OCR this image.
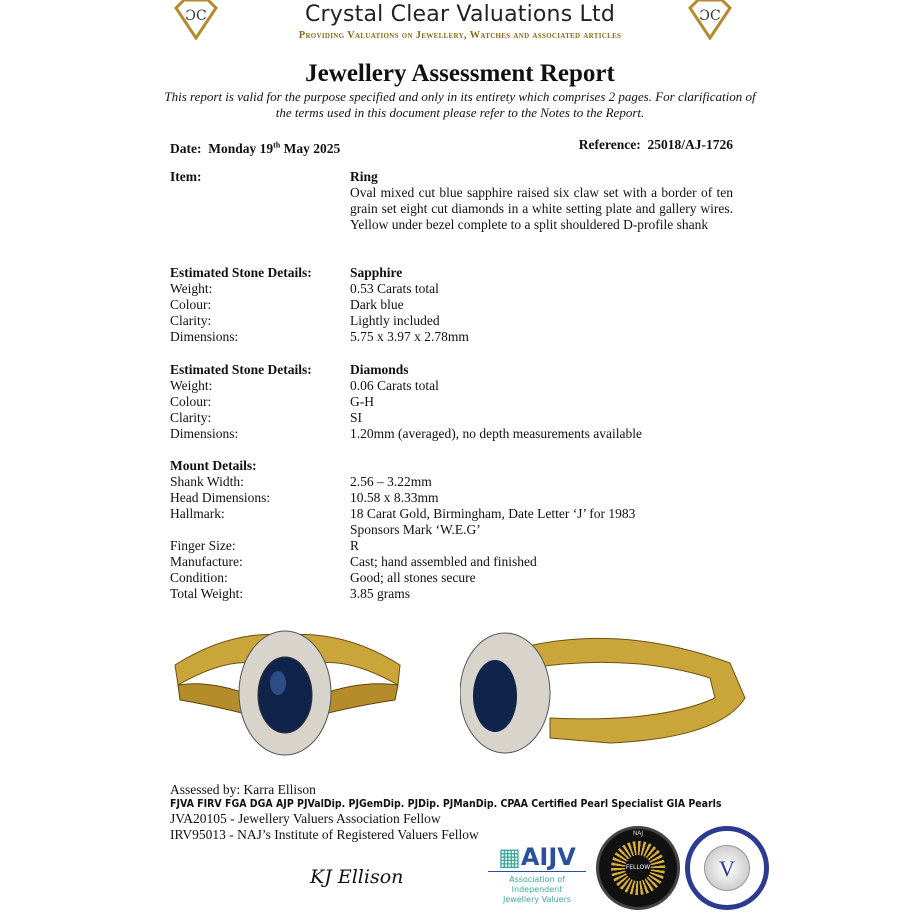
ƆC	ƆC
Crystal Clear Valuations Ltd
Providing Valuations on Jewellery, Watches and associated articles
Jewellery Assessment Report
This report is valid for the purpose specified and only in its entirety which comprises 2 pages. For clarification of the terms used in this document please refer to the Notes to the Report.
Date: Monday 19th May 2025	Reference: 25018/AJ-1726
Item:	Ring
Oval mixed cut blue sapphire raised six claw set with a border of ten grain set eight cut diamonds in a white setting plate and gallery wires. Yellow under bezel complete to a split shouldered D-profile shank
Estimated Stone Details:	Sapphire
Weight:	0.53 Carats total
Colour:	Dark blue
Clarity:	Lightly included
Dimensions:	5.75 x 3.97 x 2.78mm
Estimated Stone Details:	Diamonds
Weight:	0.06 Carats total
Colour:	G-H
Clarity:	SI
Dimensions:	1.20mm (averaged), no depth measurements available
Mount Details:
Shank Width:	2.56 – 3.22mm
Head Dimensions:	10.58 x 8.33mm
Hallmark:	18 Carat Gold, Birmingham, Date Letter ‘J’ for 1983
Sponsors Mark ‘W.E.G’
Finger Size:	R
Manufacture:	Cast; hand assembled and finished
Condition:	Good; all stones secure
Total Weight:	3.85 grams
Assessed by: Karra Ellison
FJVA FIRV FGA DGA AJP PJValDip. PJGemDip. PJDip. PJManDip. CPAA Certified Pearl Specialist GIA Pearls
JVA20105 - Jewellery Valuers Association Fellow
IRV95013 - NAJ’s Institute of Registered Valuers Fellow
KJ Ellison
▦AIJV
Association of
Independent
Jewellery Valuers
FELLOW
NAJ
V
